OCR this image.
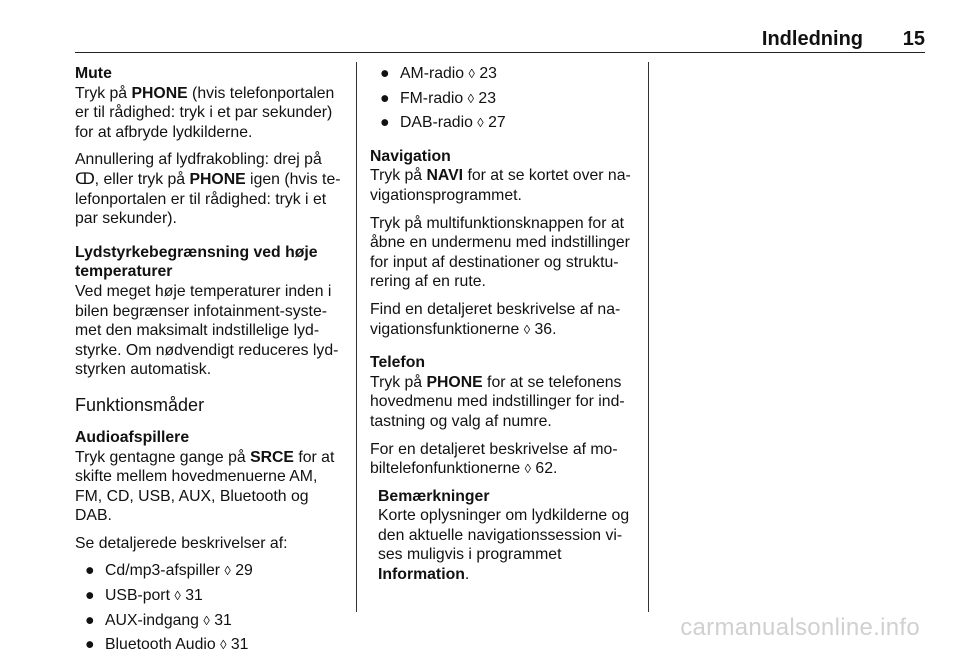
Indledning 15
Mute

Tryk på PHONE (hvis telefonportalen er til rådighed: tryk i et par sekunder) for at afbryde lydkilderne.

Annullering af lydfrakobling: drej på ↀ, eller tryk på PHONE igen (hvis telefonportalen er til rådighed: tryk i et par sekunder).

Lydstyrkebegrænsning ved høje temperaturer

Ved meget høje temperaturer inden i bilen begrænser infotainment-systemet den maksimalt indstillelige lydstyrke. Om nødvendigt reduceres lydstyrken automatisk.

Funktionsmåder
Audioafspillere

Tryk gentagne gange på SRCE for at skifte mellem hovedmenuerne AM, FM, CD, USB, AUX, Bluetooth og DAB.

Se detaljerede beskrivelser af:

● Cd/mp3-afspiller ◊ 29
● USB-port ◊ 31
● AUX-indgang ◊ 31
● Bluetooth Audio ◊ 31
● AM-radio ◊ 23
● FM-radio ◊ 23
● DAB-radio ◊ 27
Navigation

Tryk på NAVI for at se kortet over navigationsprogrammet.

Tryk på multifunktionsknappen for at åbne en undermenu med indstillinger for input af destinationer og strukturering af en rute.

Find en detaljeret beskrivelse af navigationsfunktionerne ◊ 36.

Telefon

Tryk på PHONE for at se telefonens hovedmenu med indstillinger for indtastning og valg af numre.

For en detaljeret beskrivelse af mobiltelefonfunktionerne ◊ 62.

Bemærkninger

Korte oplysninger om lydkilderne og den aktuelle navigationssession vises muligvis i programmet Information.

carmanualsonline.info
